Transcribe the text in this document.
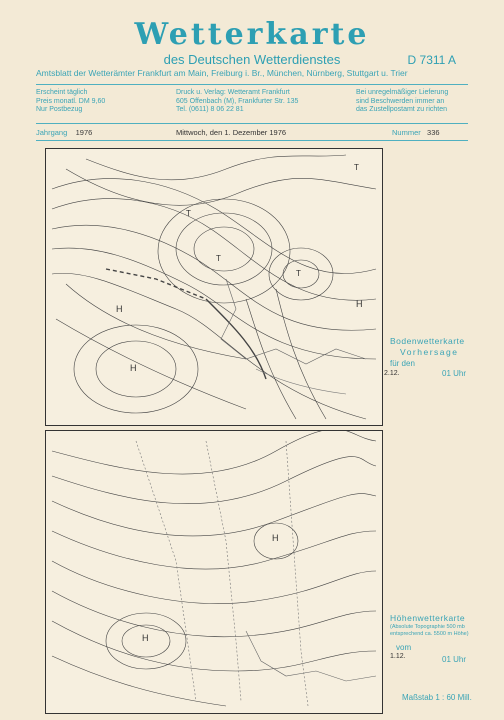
Wetterkarte
des Deutschen Wetterdienstes	D 7311 A
Amtsblatt der Wetterämter Frankfurt am Main, Freiburg i. Br., München, Nürnberg, Stuttgart u. Trier
Erscheint täglich
Preis monatl. DM 9,60
Nur Postbezug
Druck u. Verlag: Wetteramt Frankfurt
605 Offenbach (M), Frankfurter Str. 135
Tel. (0611) 8 06 22 81
Bei unregelmäßiger Lieferung
sind Beschwerden immer an
das Zustellpostamt zu richten
Jahrgang 1976	Mittwoch, den 1. Dezember 1976	Nummer 336
T
T
T
T
H
H
H
Bodenwetterkarte
Vorhersage
für den
2.12.	01 Uhr
H
H
Höhenwetterkarte
(Absolute Topographie 500 mb
entsprechend ca. 5500 m Höhe)
vom
1.12.	01 Uhr
Maßstab 1 : 60 Mill.
